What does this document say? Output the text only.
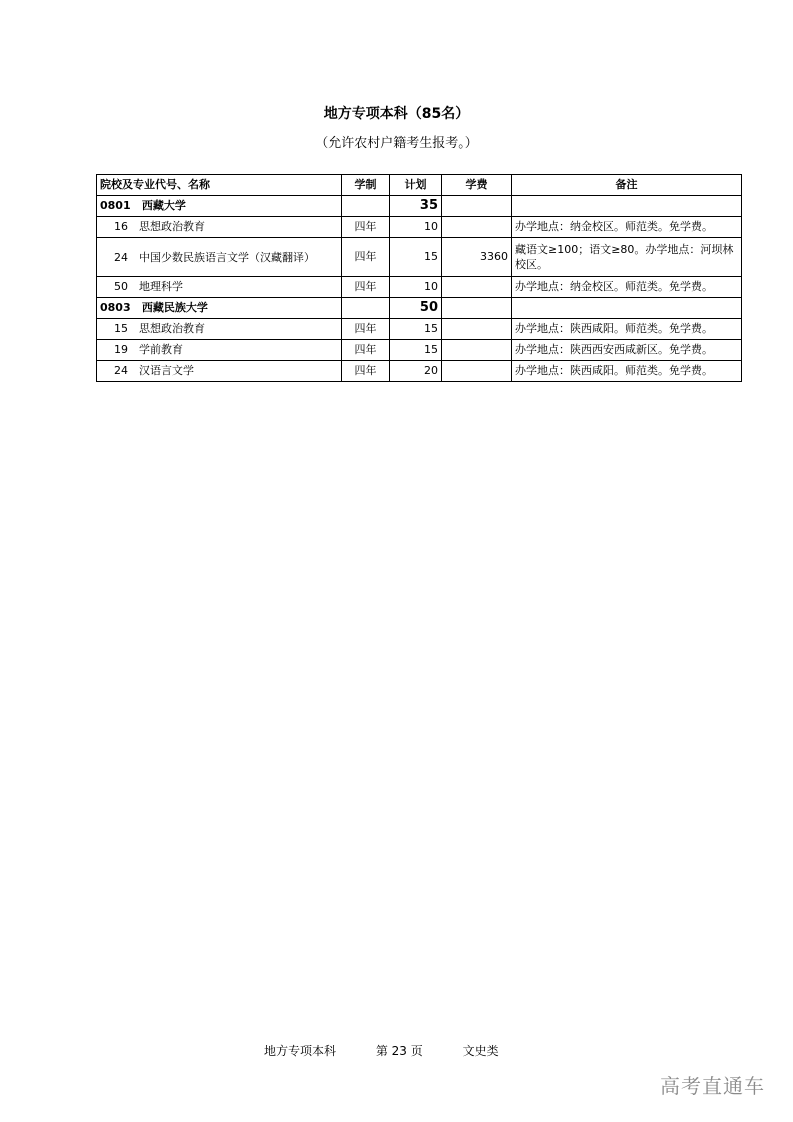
地方专项本科（85名）
（允许农村户籍考生报考。）
院校及专业代号、名称	学制	计划	学费	备注
0801 西藏大学		35		
16 思想政治教育	四年	10		办学地点：纳金校区。师范类。免学费。
24 中国少数民族语言文学（汉藏翻译）	四年	15	3360	藏语文≥100；语文≥80。办学地点：河坝林校区。
50 地理科学	四年	10		办学地点：纳金校区。师范类。免学费。
0803 西藏民族大学		50		
15 思想政治教育	四年	15		办学地点：陕西咸阳。师范类。免学费。
19 学前教育	四年	15		办学地点：陕西西安西咸新区。免学费。
24 汉语言文学	四年	20		办学地点：陕西咸阳。师范类。免学费。
地方专项本科	第 23 页	文史类
高考直通车
